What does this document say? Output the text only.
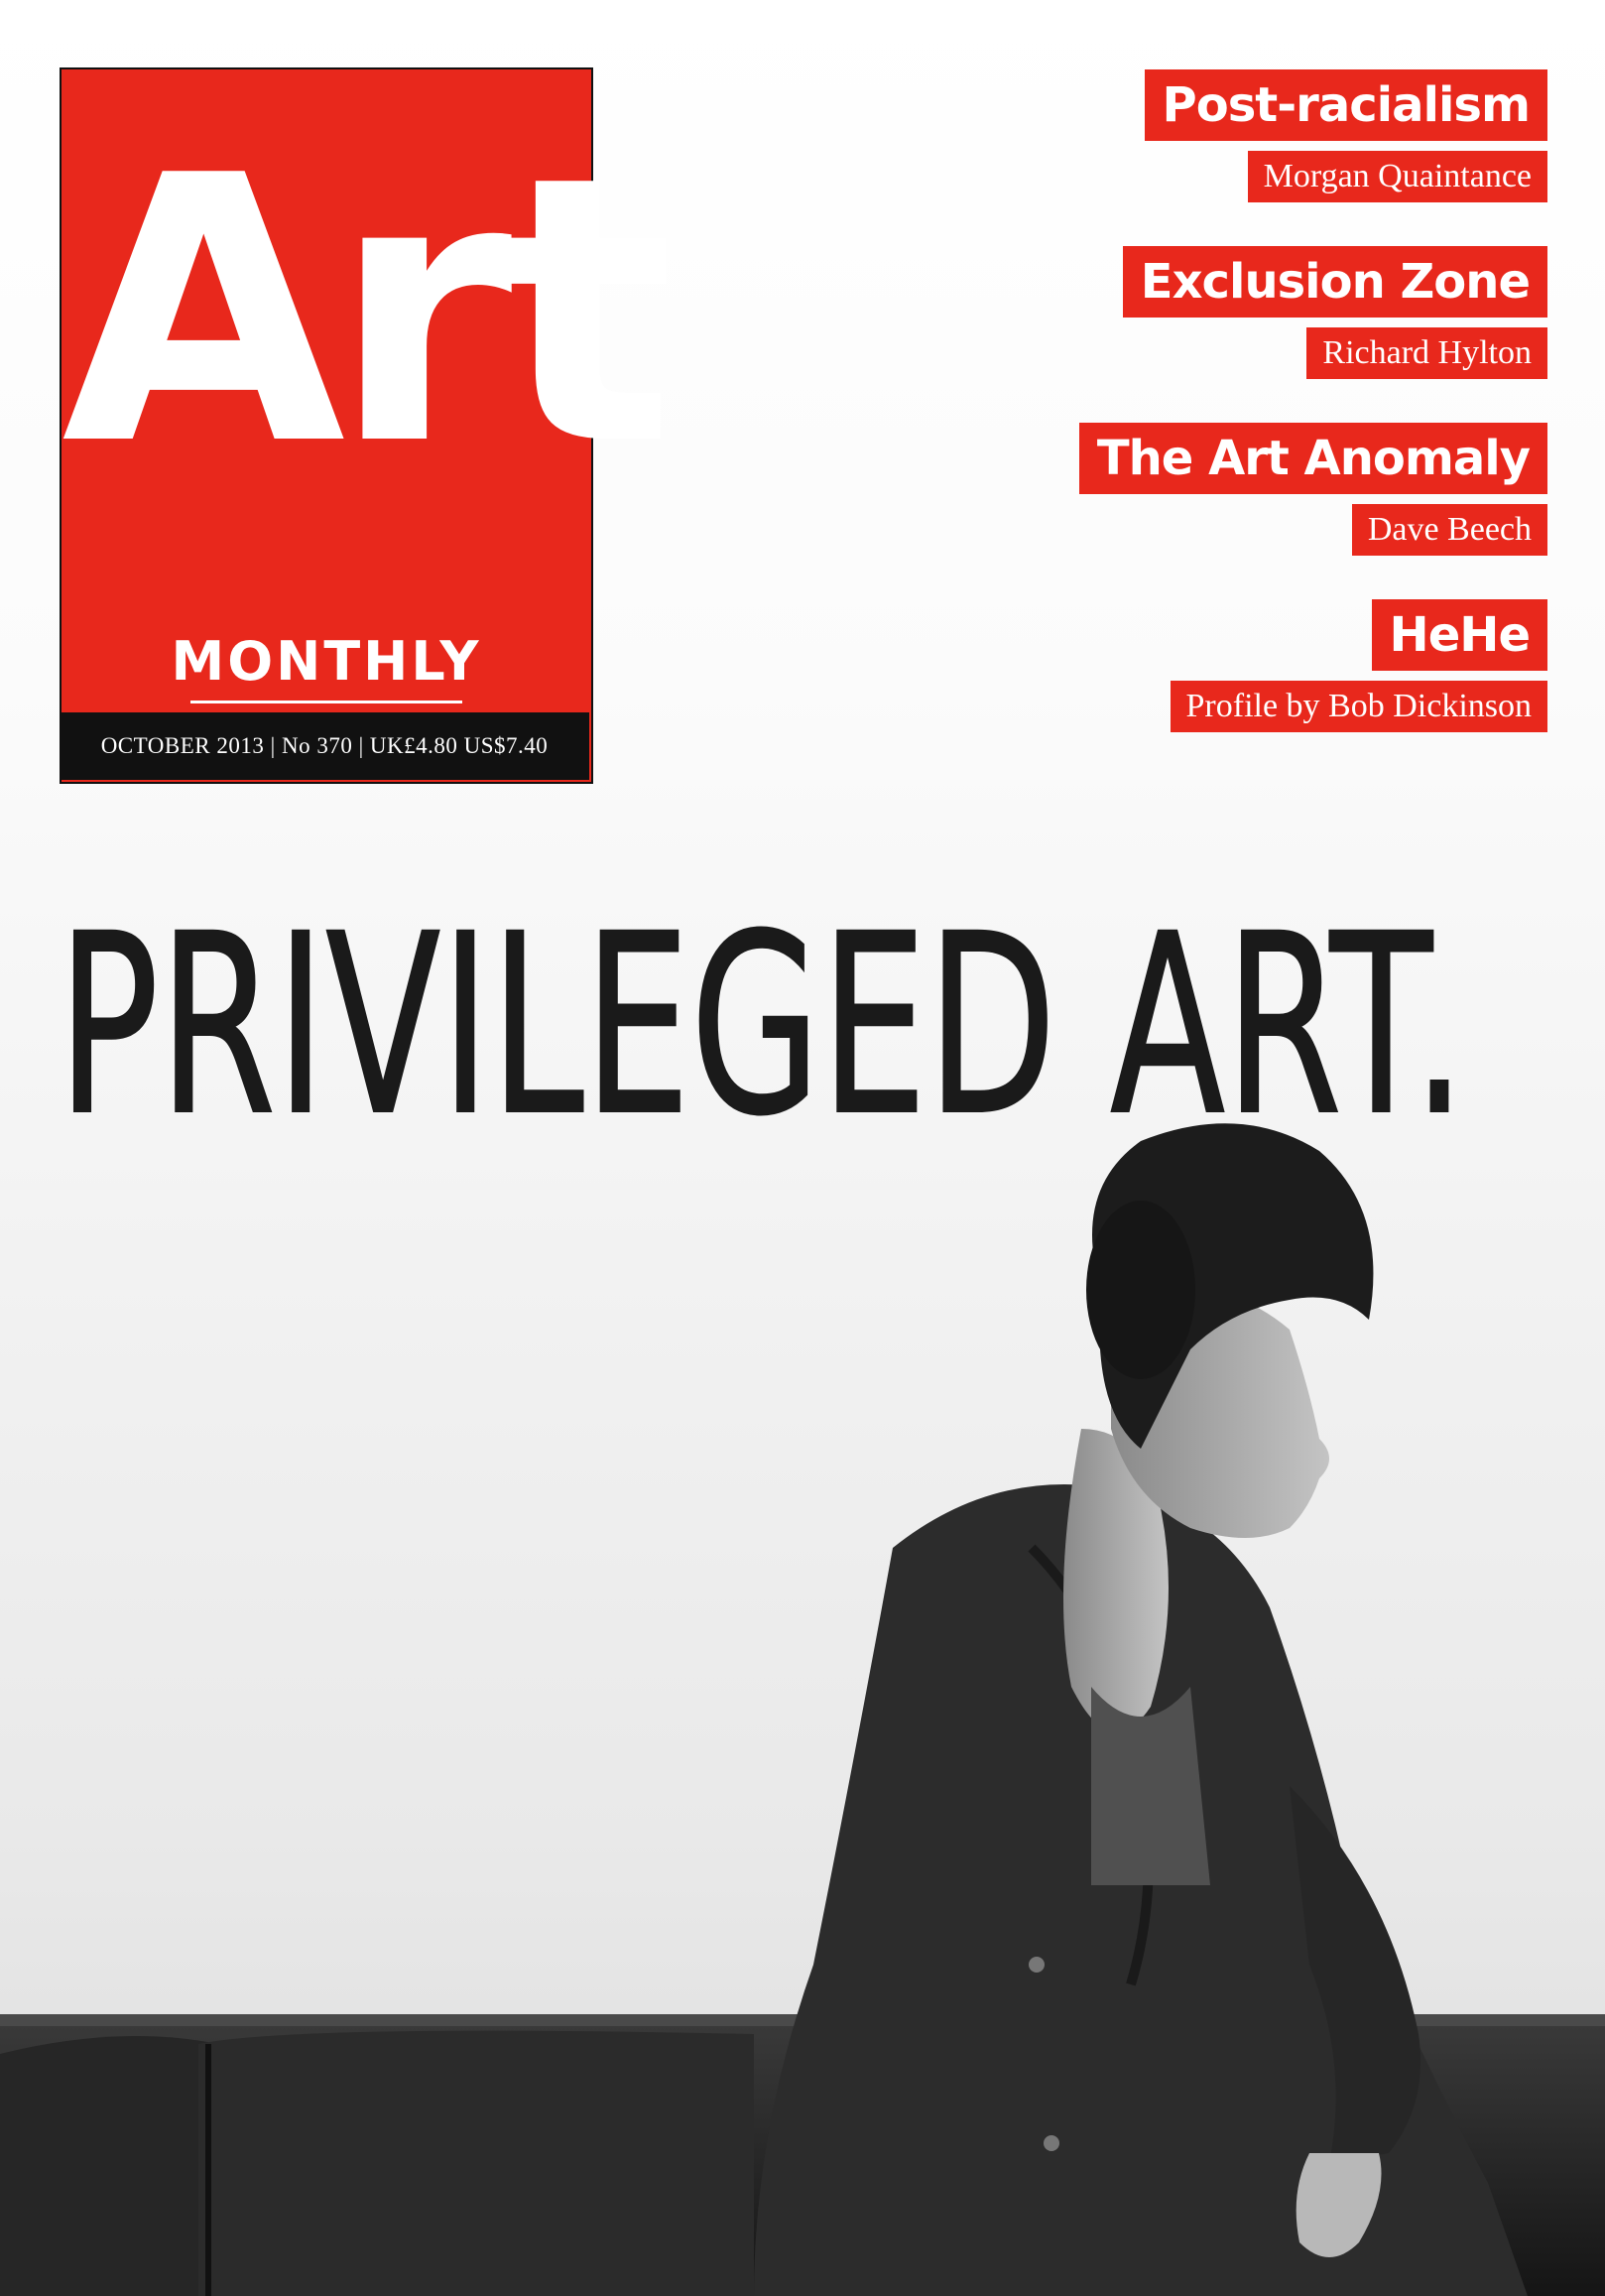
PRIVILEGED ART.
Art
MONTHLY
OCTOBER 2013 | No 370 | UK£4.80 US$7.40
Post-racialism
Morgan Quaintance
Exclusion Zone
Richard Hylton
The Art Anomaly
Dave Beech
HeHe
Profile by Bob Dickinson
